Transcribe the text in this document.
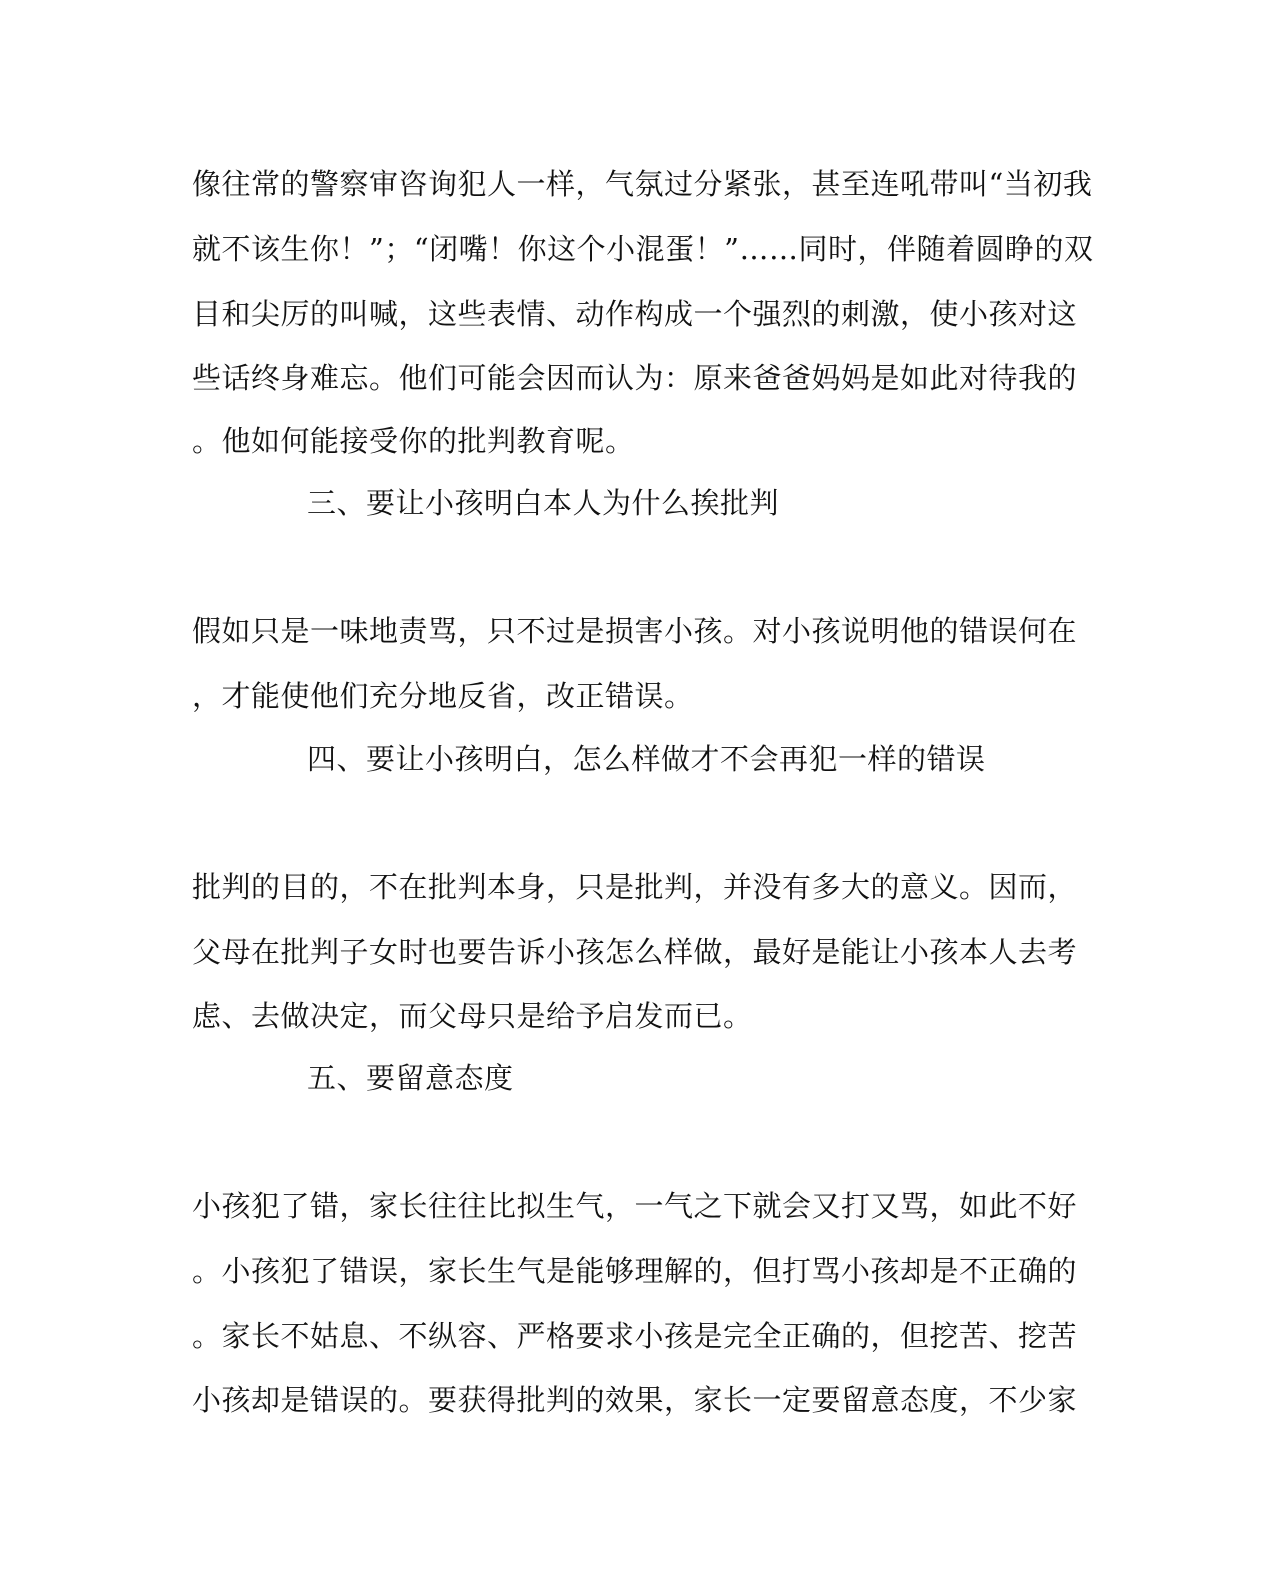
像往常的警察审咨询犯人一样，气氛过分紧张，甚至连吼带叫“当初我
就不该生你！”；“闭嘴！你这个小混蛋！”……同时，伴随着圆睁的双
目和尖厉的叫喊，这些表情、动作构成一个强烈的刺激，使小孩对这
些话终身难忘。他们可能会因而认为：原来爸爸妈妈是如此对待我的
。他如何能接受你的批判教育呢。
三、要让小孩明白本人为什么挨批判
假如只是一味地责骂，只不过是损害小孩。对小孩说明他的错误何在
，才能使他们充分地反省，改正错误。
四、要让小孩明白，怎么样做才不会再犯一样的错误
批判的目的，不在批判本身，只是批判，并没有多大的意义。因而，
父母在批判子女时也要告诉小孩怎么样做，最好是能让小孩本人去考
虑、去做决定，而父母只是给予启发而已。
五、要留意态度
小孩犯了错，家长往往比拟生气，一气之下就会又打又骂，如此不好
。小孩犯了错误，家长生气是能够理解的，但打骂小孩却是不正确的
。家长不姑息、不纵容、严格要求小孩是完全正确的，但挖苦、挖苦
小孩却是错误的。要获得批判的效果，家长一定要留意态度，不少家
